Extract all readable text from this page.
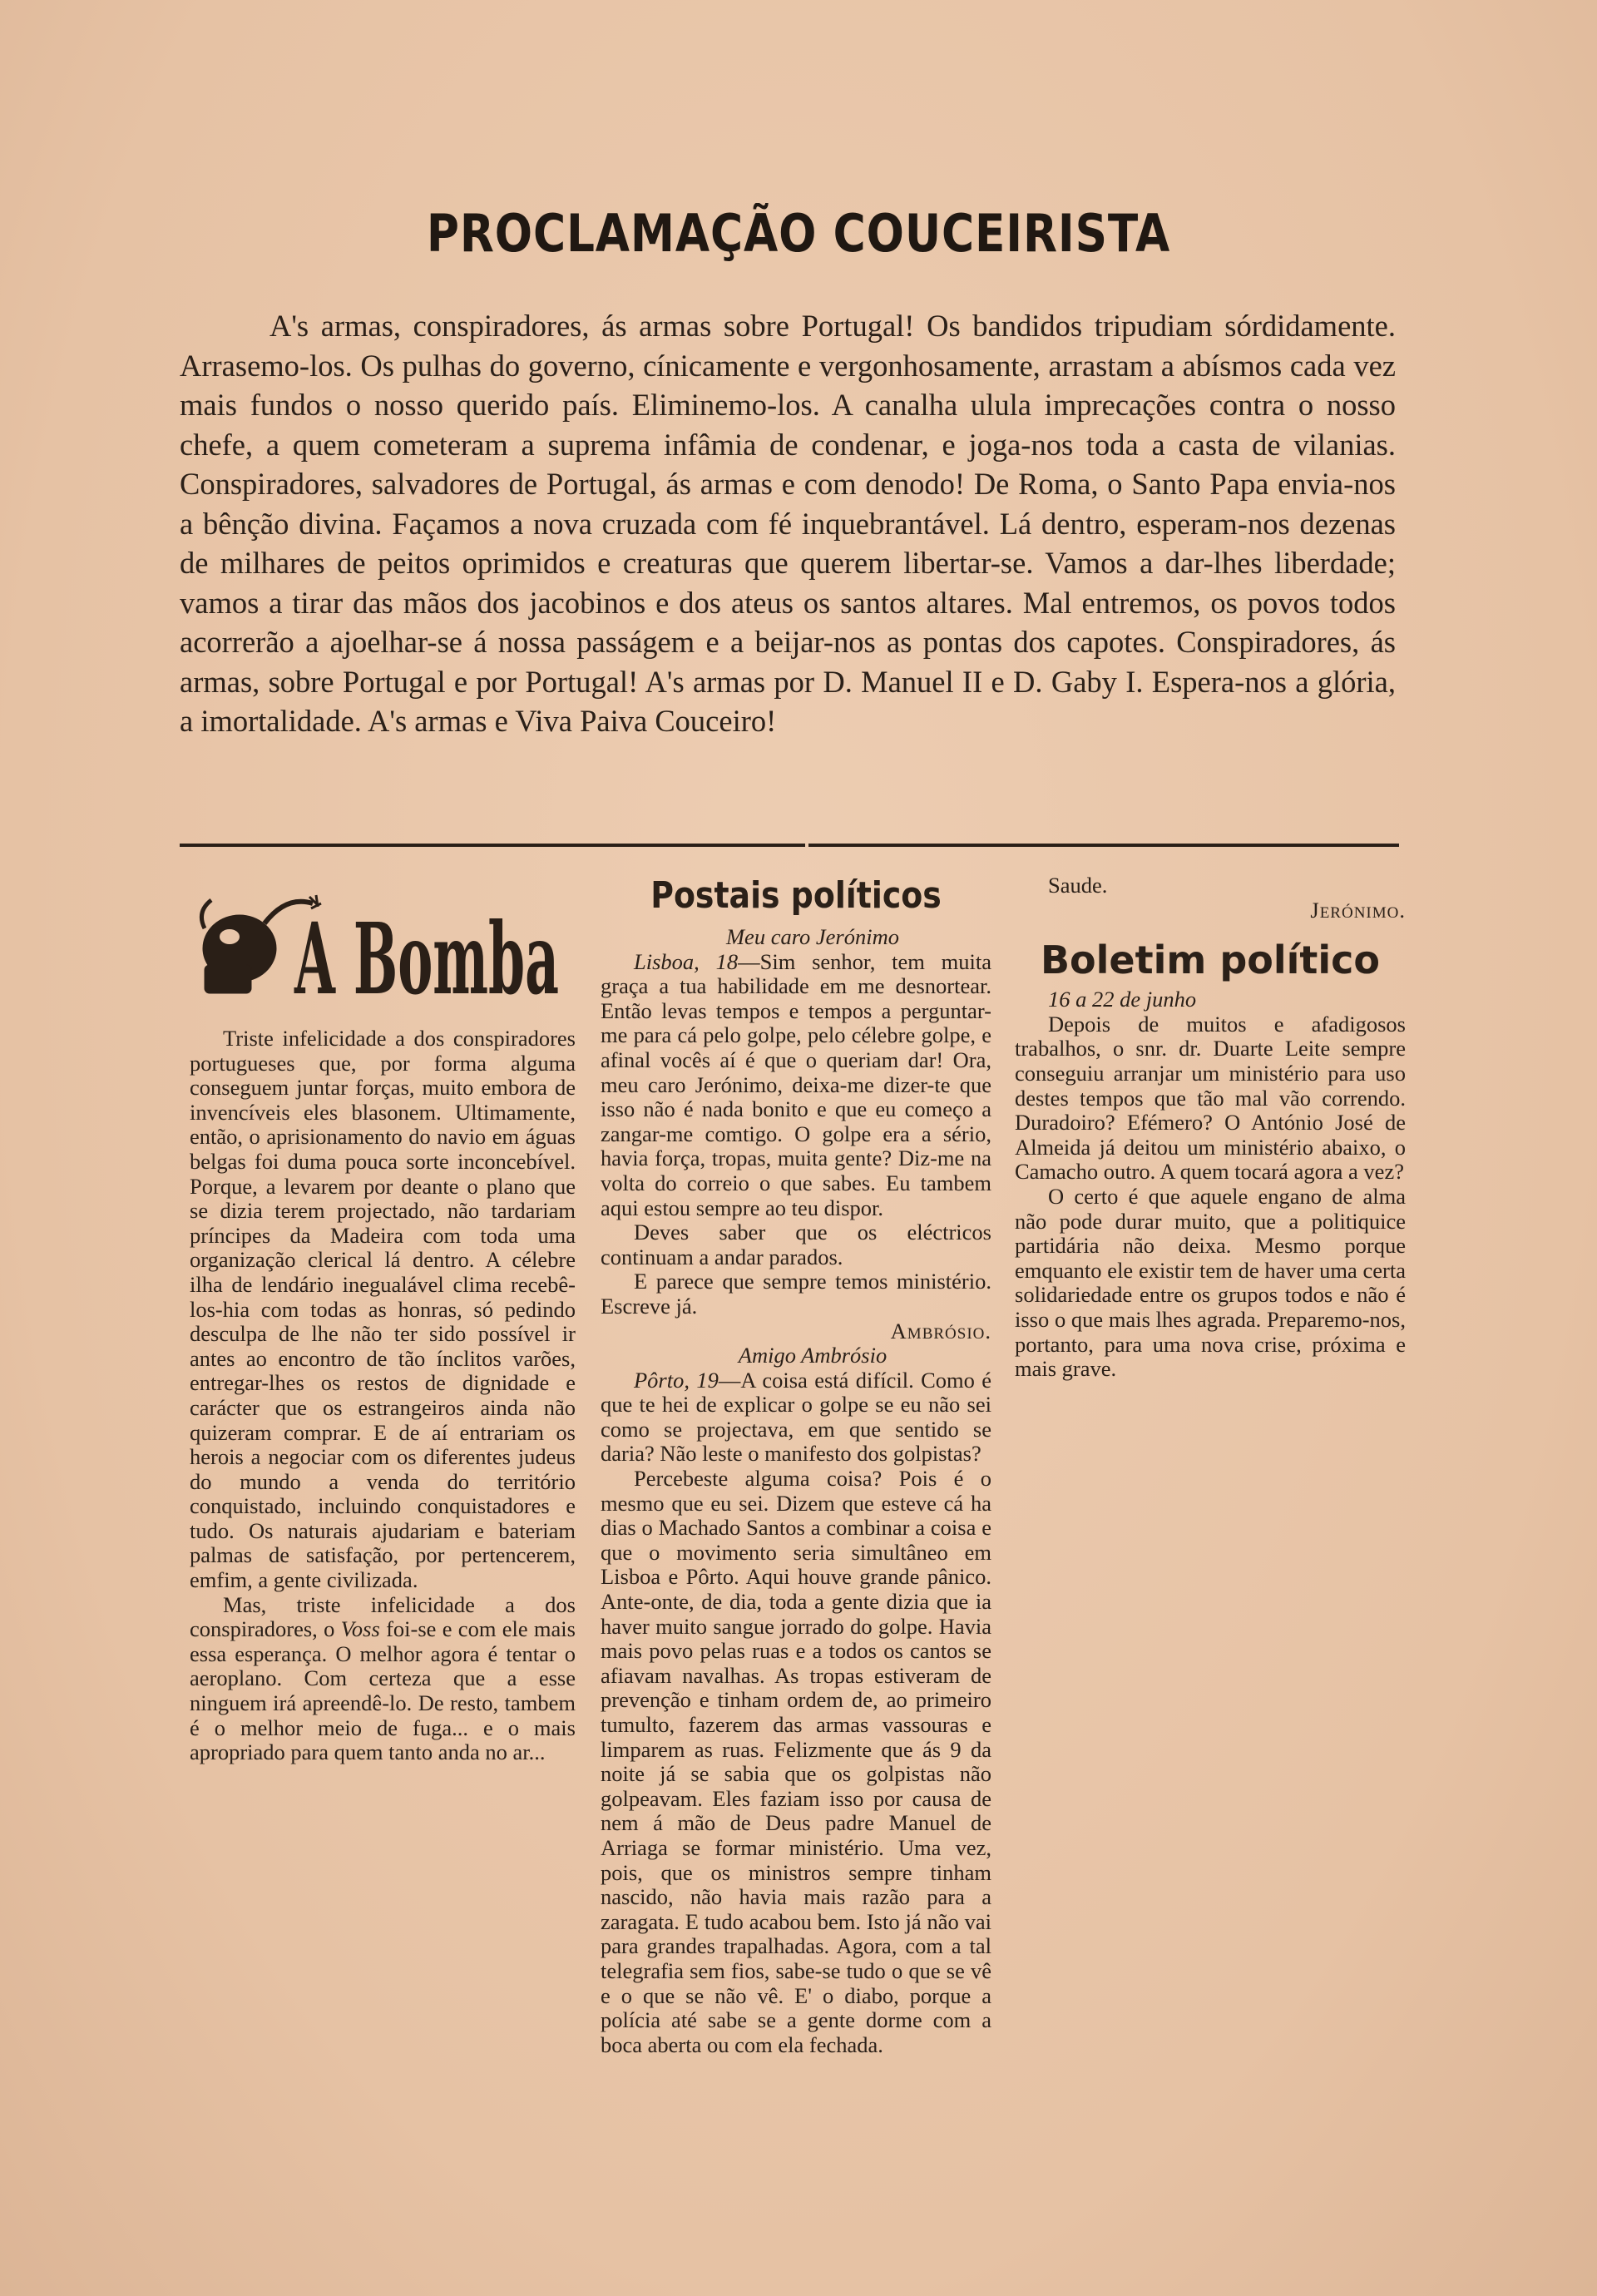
PROCLAMAÇÃO COUCEIRISTA

A's armas, conspiradores, ás armas sobre Portugal! Os bandidos tripudiam sórdidamente. Arrasemo-los. Os pulhas do governo, cínicamente e vergonhosamente, arrastam a abísmos cada vez mais fundos o nosso querido país. Eliminemo-los. A canalha ulula imprecações contra o nosso chefe, a quem cometeram a suprema infâmia de condenar, e joga-nos toda a casta de vilanias. Conspiradores, salvadores de Portugal, ás armas e com denodo! De Roma, o Santo Papa envia-nos a bênção divina. Façamos a nova cruzada com fé inquebrantável. Lá dentro, esperam-nos dezenas de milhares de peitos oprimidos e creaturas que querem libertar-se. Vamos a dar-lhes liberdade; vamos a tirar das mãos dos jacobinos e dos ateus os santos altares. Mal entremos, os povos todos acorrerão a ajoelhar-se á nossa passágem e a beijar-nos as pontas dos capotes. Conspiradores, ás armas, sobre Portugal e por Portugal! A's armas por D. Manuel II e D. Gaby I. Espera-nos a glória, a imortalidade. A's armas e Viva Paiva Couceiro!

A Bomba

Triste infelicidade a dos conspiradores portugueses que, por forma alguma conseguem juntar forças, muito embora de invencíveis eles blasonem. Ultimamente, então, o aprisionamento do navio em águas belgas foi duma pouca sorte inconcebível. Porque, a levarem por deante o plano que se dizia terem projectado, não tardariam príncipes da Madeira com toda uma organização clerical lá dentro. A célebre ilha de lendário inegualável clima recebê-los-hia com todas as honras, só pedindo desculpa de lhe não ter sido possível ir antes ao encontro de tão ínclitos varões, entregar-lhes os restos de dignidade e carácter que os estrangeiros ainda não quizeram comprar. E de aí entrariam os herois a negociar com os diferentes judeus do mundo a venda do território conquistado, incluindo conquistadores e tudo. Os naturais ajudariam e bateriam palmas de satisfação, por pertencerem, emfim, a gente civilizada.

Mas, triste infelicidade a dos conspiradores, o Voss foi-se e com ele mais essa esperança. O melhor agora é tentar o aeroplano. Com certeza que a esse ninguem irá apreendê-lo. De resto, tambem é o melhor meio de fuga... e o mais apropriado para quem tanto anda no ar...

Postais políticos

Meu caro Jerónimo

Lisboa, 18—Sim senhor, tem muita graça a tua habilidade em me desnortear. Então levas tempos e tempos a perguntar-me para cá pelo golpe, pelo célebre golpe, e afinal vocês aí é que o queriam dar! Ora, meu caro Jerónimo, deixa-me dizer-te que isso não é nada bonito e que eu começo a zangar-me comtigo. O golpe era a sério, havia força, tropas, muita gente? Diz-me na volta do correio o que sabes. Eu tambem aqui estou sempre ao teu dispor.

Deves saber que os eléctricos continuam a andar parados.

E parece que sempre temos ministério. Escreve já.

Ambrósio.

Amigo Ambrósio

Pôrto, 19—A coisa está difícil. Como é que te hei de explicar o golpe se eu não sei como se projectava, em que sentido se daria? Não leste o manifesto dos golpistas?

Percebeste alguma coisa? Pois é o mesmo que eu sei. Dizem que esteve cá ha dias o Machado Santos a combinar a coisa e que o movimento seria simultâneo em Lisboa e Pôrto. Aqui houve grande pânico. Ante-onte, de dia, toda a gente dizia que ia haver muito sangue jorrado do golpe. Havia mais povo pelas ruas e a todos os cantos se afiavam navalhas. As tropas estiveram de prevenção e tinham ordem de, ao primeiro tumulto, fazerem das armas vassouras e limparem as ruas. Felizmente que ás 9 da noite já se sabia que os golpistas não golpeavam. Eles faziam isso por causa de nem á mão de Deus padre Manuel de Arriaga se formar ministério. Uma vez, pois, que os ministros sempre tinham nascido, não havia mais razão para a zaragata. E tudo acabou bem. Isto já não vai para grandes trapalhadas. Agora, com a tal telegrafia sem fios, sabe-se tudo o que se vê e o que se não vê. E' o diabo, porque a polícia até sabe se a gente dorme com a boca aberta ou com ela fechada.

Saude.

Jerónimo.

Boletim político

16 a 22 de junho

Depois de muitos e afadigosos trabalhos, o snr. dr. Duarte Leite sempre conseguiu arranjar um ministério para uso destes tempos que tão mal vão correndo. Duradoiro? Efémero? O António José de Almeida já deitou um ministério abaixo, o Camacho outro. A quem tocará agora a vez?

O certo é que aquele engano de alma não pode durar muito, que a politiquice partidária não deixa. Mesmo porque emquanto ele existir tem de haver uma certa solidariedade entre os grupos todos e não é isso o que mais lhes agrada. Preparemo-nos, portanto, para uma nova crise, próxima e mais grave.
